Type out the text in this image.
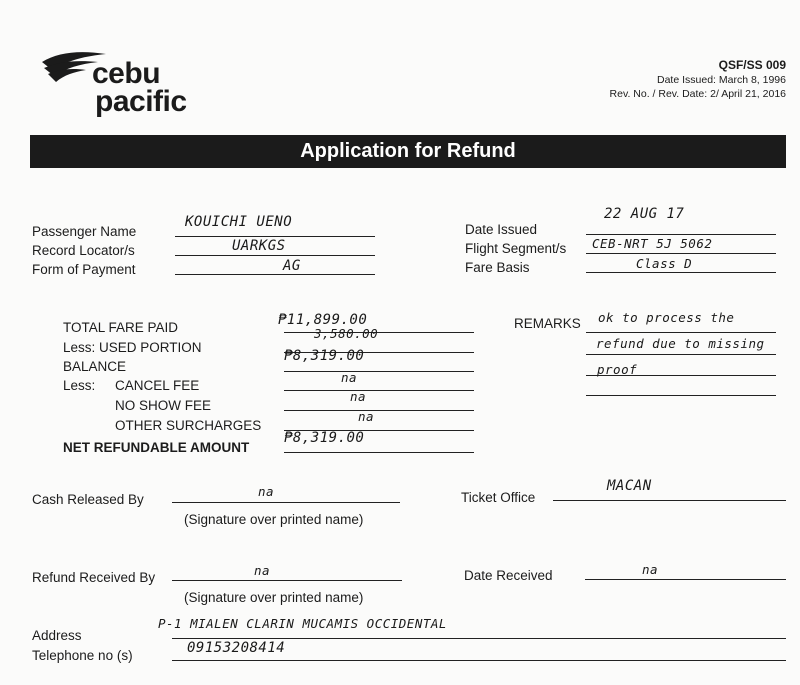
cebu
pacific
QSF/SS 009
Date Issued: March 8, 1996
Rev. No. / Rev. Date: 2/ April 21, 2016
Application for Refund
Passenger Name
KOUICHI UENO
Record Locator/s	UARKGS
Form of Payment	AG
Date Issued
22 AUG 17
Flight Segment/s CEB-NRT 5J 5062
Fare Basis	Class D
TOTAL FARE PAID	₱11,899.00
Less: USED PORTION
3,580.00
BALANCE
₱8,319.00
Less: CANCEL FEE
na
NO SHOW FEE
na
OTHER SURCHARGES
na
NET REFUNDABLE AMOUNT
₱8,319.00
REMARKS ok to process the
refund due to missing
proof
Cash Released By
na
(Signature over printed name)
Ticket Office
MACAN
Refund Received By	na
(Signature over printed name)
Date Received	na
Address
P-1 MIALEN CLARIN MUCAMIS OCCIDENTAL
Telephone no (s)	09153208414
